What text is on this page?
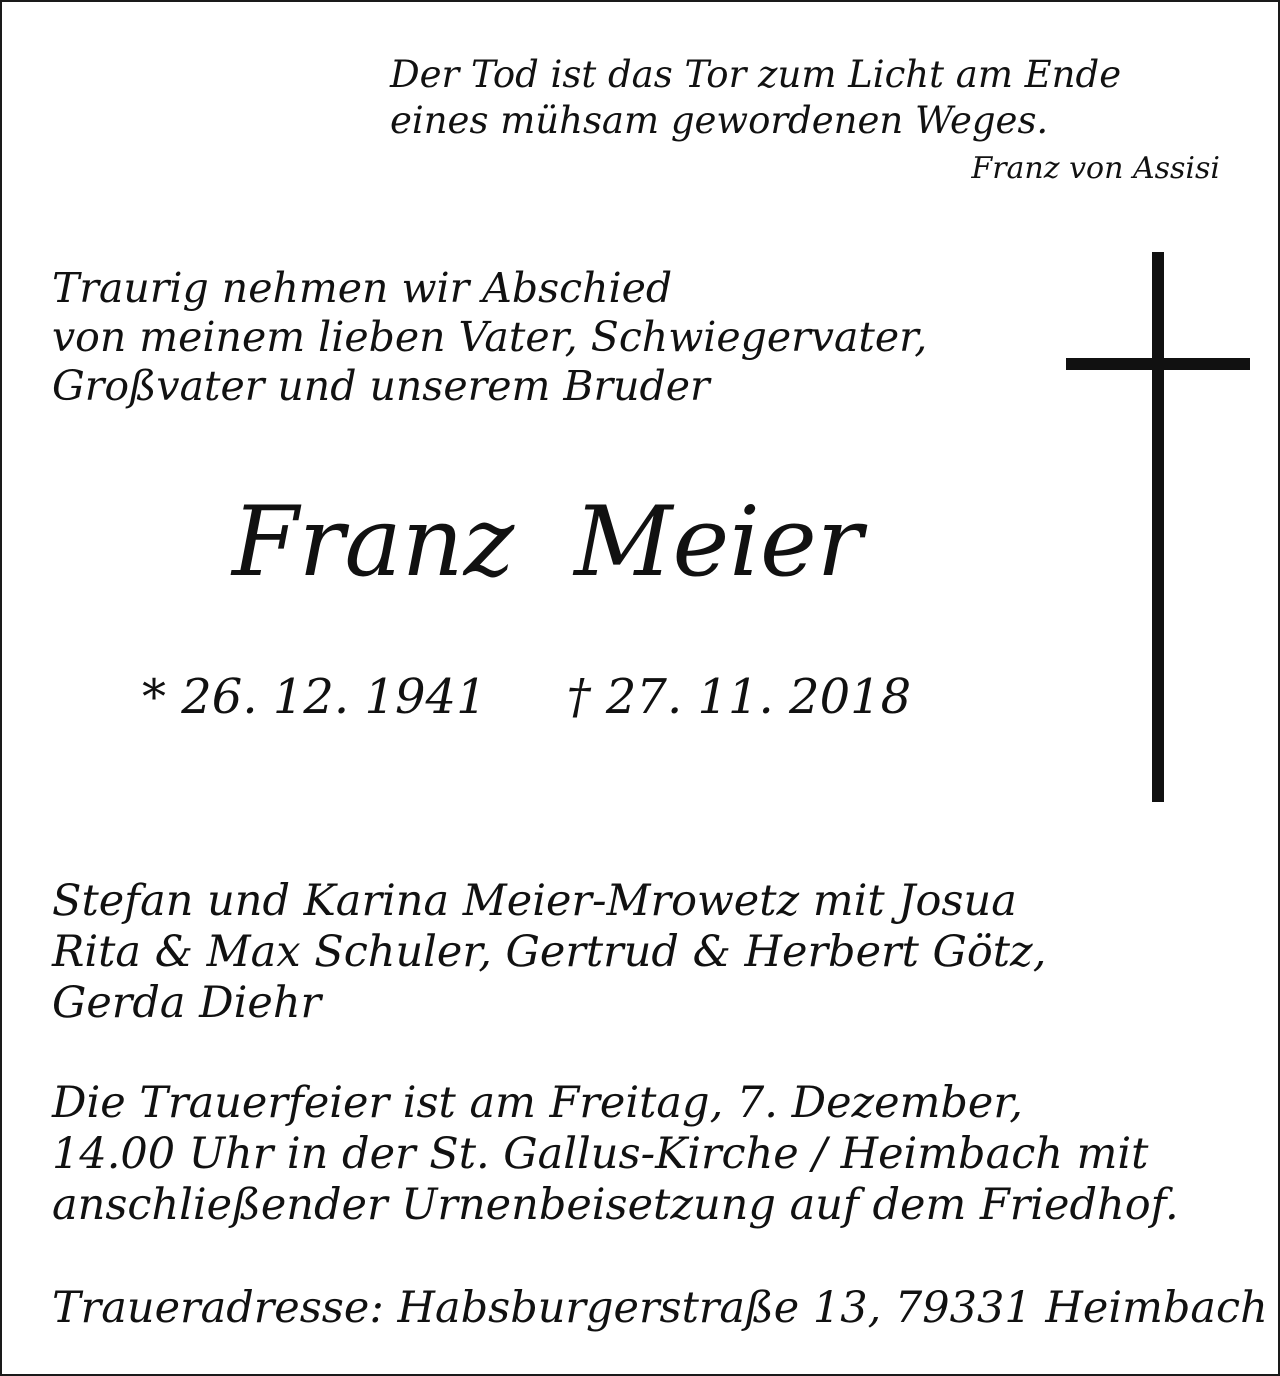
Der Tod ist das Tor zum Licht am Ende
eines mühsam gewordenen Weges.

Franz von Assisi

Traurig nehmen wir Abschied
von meinem lieben Vater, Schwiegervater,
Großvater und unserem Bruder

Franz Meier

* 26. 12. 1941 † 27. 11. 2018

Stefan und Karina Meier-Mrowetz mit Josua
Rita & Max Schuler, Gertrud & Herbert Götz,
Gerda Diehr

Die Trauerfeier ist am Freitag, 7. Dezember,
14.00 Uhr in der St. Gallus-Kirche / Heimbach mit
anschließender Urnenbeisetzung auf dem Friedhof.

Traueradresse: Habsburgerstraße 13, 79331 Heimbach
